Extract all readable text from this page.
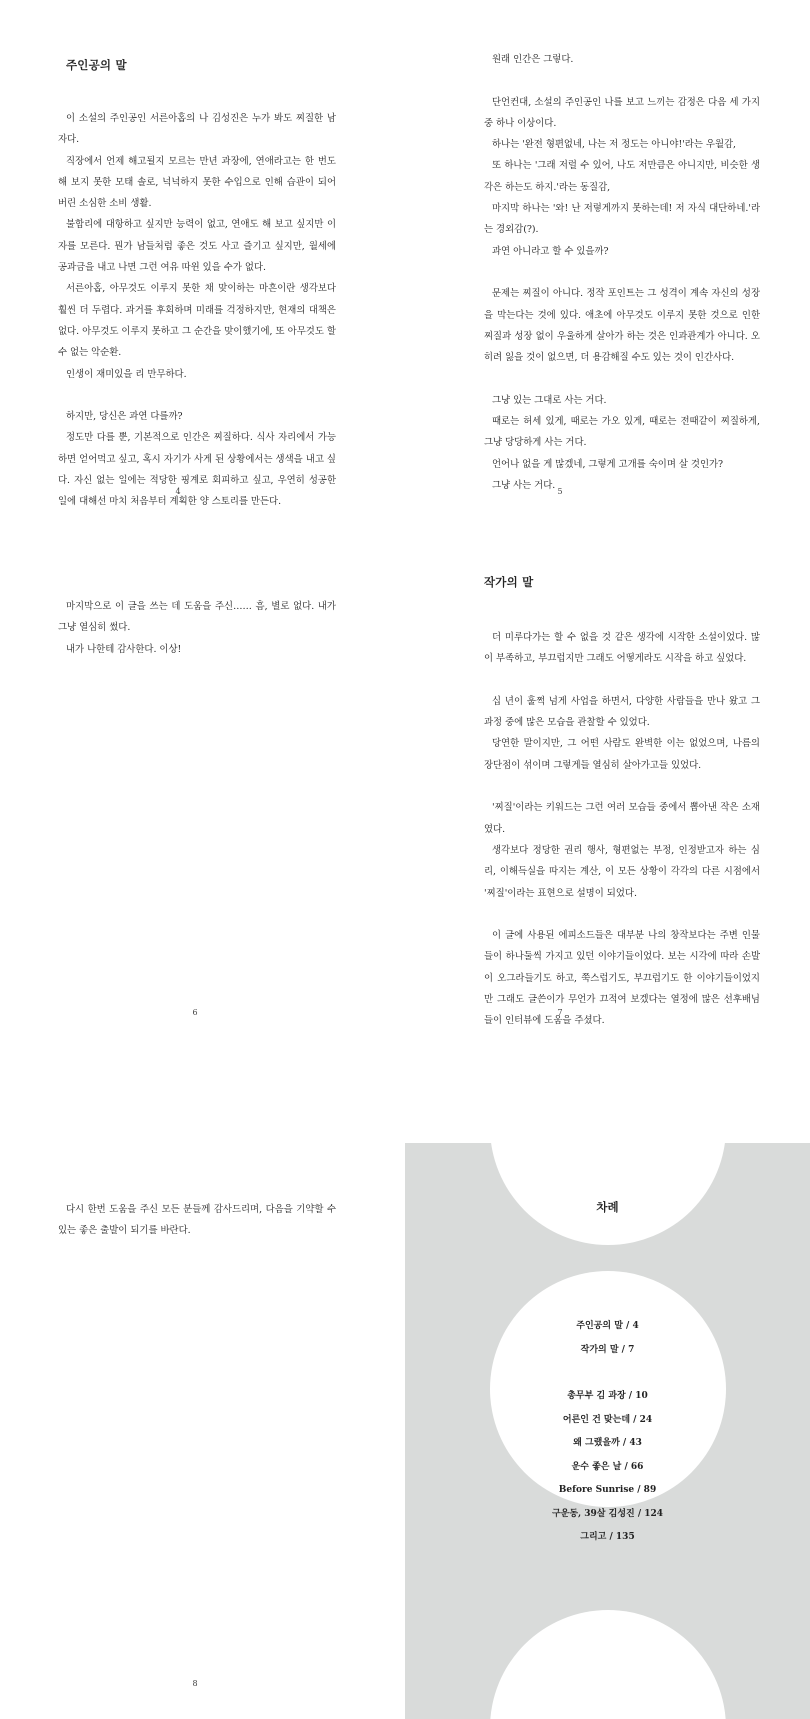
주인공의 말

이 소설의 주인공인 서른아홉의 나 김성진은 누가 봐도 찌질한 남자다.

직장에서 언제 해고될지 모르는 만년 과장에, 연애라고는 한 번도 해 보지 못한 모태 솔로, 넉넉하지 못한 수입으로 인해 습관이 되어 버린 소심한 소비 생활.

불합리에 대항하고 싶지만 능력이 없고, 연애도 해 보고 싶지만 이자를 모른다. 뭔가 남들처럼 좋은 것도 사고 즐기고 싶지만, 월세에 공과금을 내고 나면 그런 여유 따윈 있을 수가 없다.

서른아홉, 아무것도 이루지 못한 채 맞이하는 마흔이란 생각보다 훨씬 더 두렵다. 과거를 후회하며 미래를 걱정하지만, 현재의 대책은 없다. 아무것도 이루지 못하고 그 순간을 맞이했기에, 또 아무것도 할 수 없는 악순환.

인생이 재미있을 리 만무하다.

하지만, 당신은 과연 다를까?

정도만 다를 뿐, 기본적으로 인간은 찌질하다. 식사 자리에서 가능하면 얻어먹고 싶고, 혹시 자기가 사게 된 상황에서는 생색을 내고 싶다. 자신 없는 일에는 적당한 핑계로 회피하고 싶고, 우연히 성공한 일에 대해선 마치 처음부터 계획한 양 스토리를 만든다.

4

원래 인간은 그렇다.

단언컨대, 소설의 주인공인 나를 보고 느끼는 감정은 다음 세 가지 중 하나 이상이다.

하나는 '완전 형편없네, 나는 저 정도는 아니야!'라는 우월감,

또 하나는 '그래 저럴 수 있어, 나도 저만큼은 아니지만, 비슷한 생각은 하는도 하지.'라는 동질감,

마지막 하나는 '와! 난 저렇게까지 못하는데! 저 자식 대단하네.'라는 경외감(?).

과연 아니라고 할 수 있을까?

문제는 찌질이 아니다. 정작 포인트는 그 성격이 계속 자신의 성장을 막는다는 것에 있다. 애초에 아무것도 이루지 못한 것으로 인한 찌질과 성장 없이 우울하게 살아가 하는 것은 인과관계가 아니다. 오히려 잃을 것이 없으면, 더 용감해질 수도 있는 것이 인간사다.

그냥 있는 그대로 사는 거다.

때로는 허세 있게, 때로는 가오 있게, 때로는 전때같이 찌질하게, 그냥 당당하게 사는 거다.

언어나 없을 게 많겠네, 그렇게 고개를 숙이며 살 것인가?

그냥 사는 거다.

5

마지막으로 이 글을 쓰는 데 도움을 주신…… 흠, 별로 없다. 내가 그냥 열심히 썼다.

내가 나한테 감사한다. 이상!

6
작가의 말

더 미루다가는 할 수 없을 것 같은 생각에 시작한 소설이었다. 많이 부족하고, 부끄럽지만 그래도 어떻게라도 시작을 하고 싶었다.

십 년이 훌쩍 넘게 사업을 하면서, 다양한 사람들을 만나 왔고 그 과정 중에 많은 모습을 관찰할 수 있었다.

당연한 말이지만, 그 어떤 사람도 완벽한 이는 없었으며, 나름의 장단점이 섞이며 그렇게들 열심히 살아가고들 있었다.

'찌질'이라는 키워드는 그런 여러 모습들 중에서 뽑아낸 작은 소재였다.

생각보다 정당한 권리 행사, 형편없는 부정, 인정받고자 하는 심리, 이해득실을 따지는 계산, 이 모든 상황이 각각의 다른 시점에서 '찌질'이라는 표현으로 설명이 되었다.

이 글에 사용된 에피소드들은 대부분 나의 창작보다는 주변 인물들이 하나둘씩 가지고 있던 이야기들이었다. 보는 시각에 따라 손발이 오그라들기도 하고, 쭉스럽기도, 부끄럽기도 한 이야기들이었지만 그래도 글쓴이가 무언가 끄적여 보겠다는 열정에 많은 선후배님들이 인터뷰에 도움을 주셨다.

7

다시 한번 도움을 주신 모든 분들께 감사드리며, 다음을 기약할 수 있는 좋은 출발이 되기를 바란다.

8
차례
주인공의 말 / 4
작가의 말 / 7
총무부 김 과장 / 10
어른인 건 맞는데 / 24
왜 그랬을까 / 43
운수 좋은 날 / 66
Before Sunrise / 89
구운동, 39살 김성진 / 124
그리고 / 135
